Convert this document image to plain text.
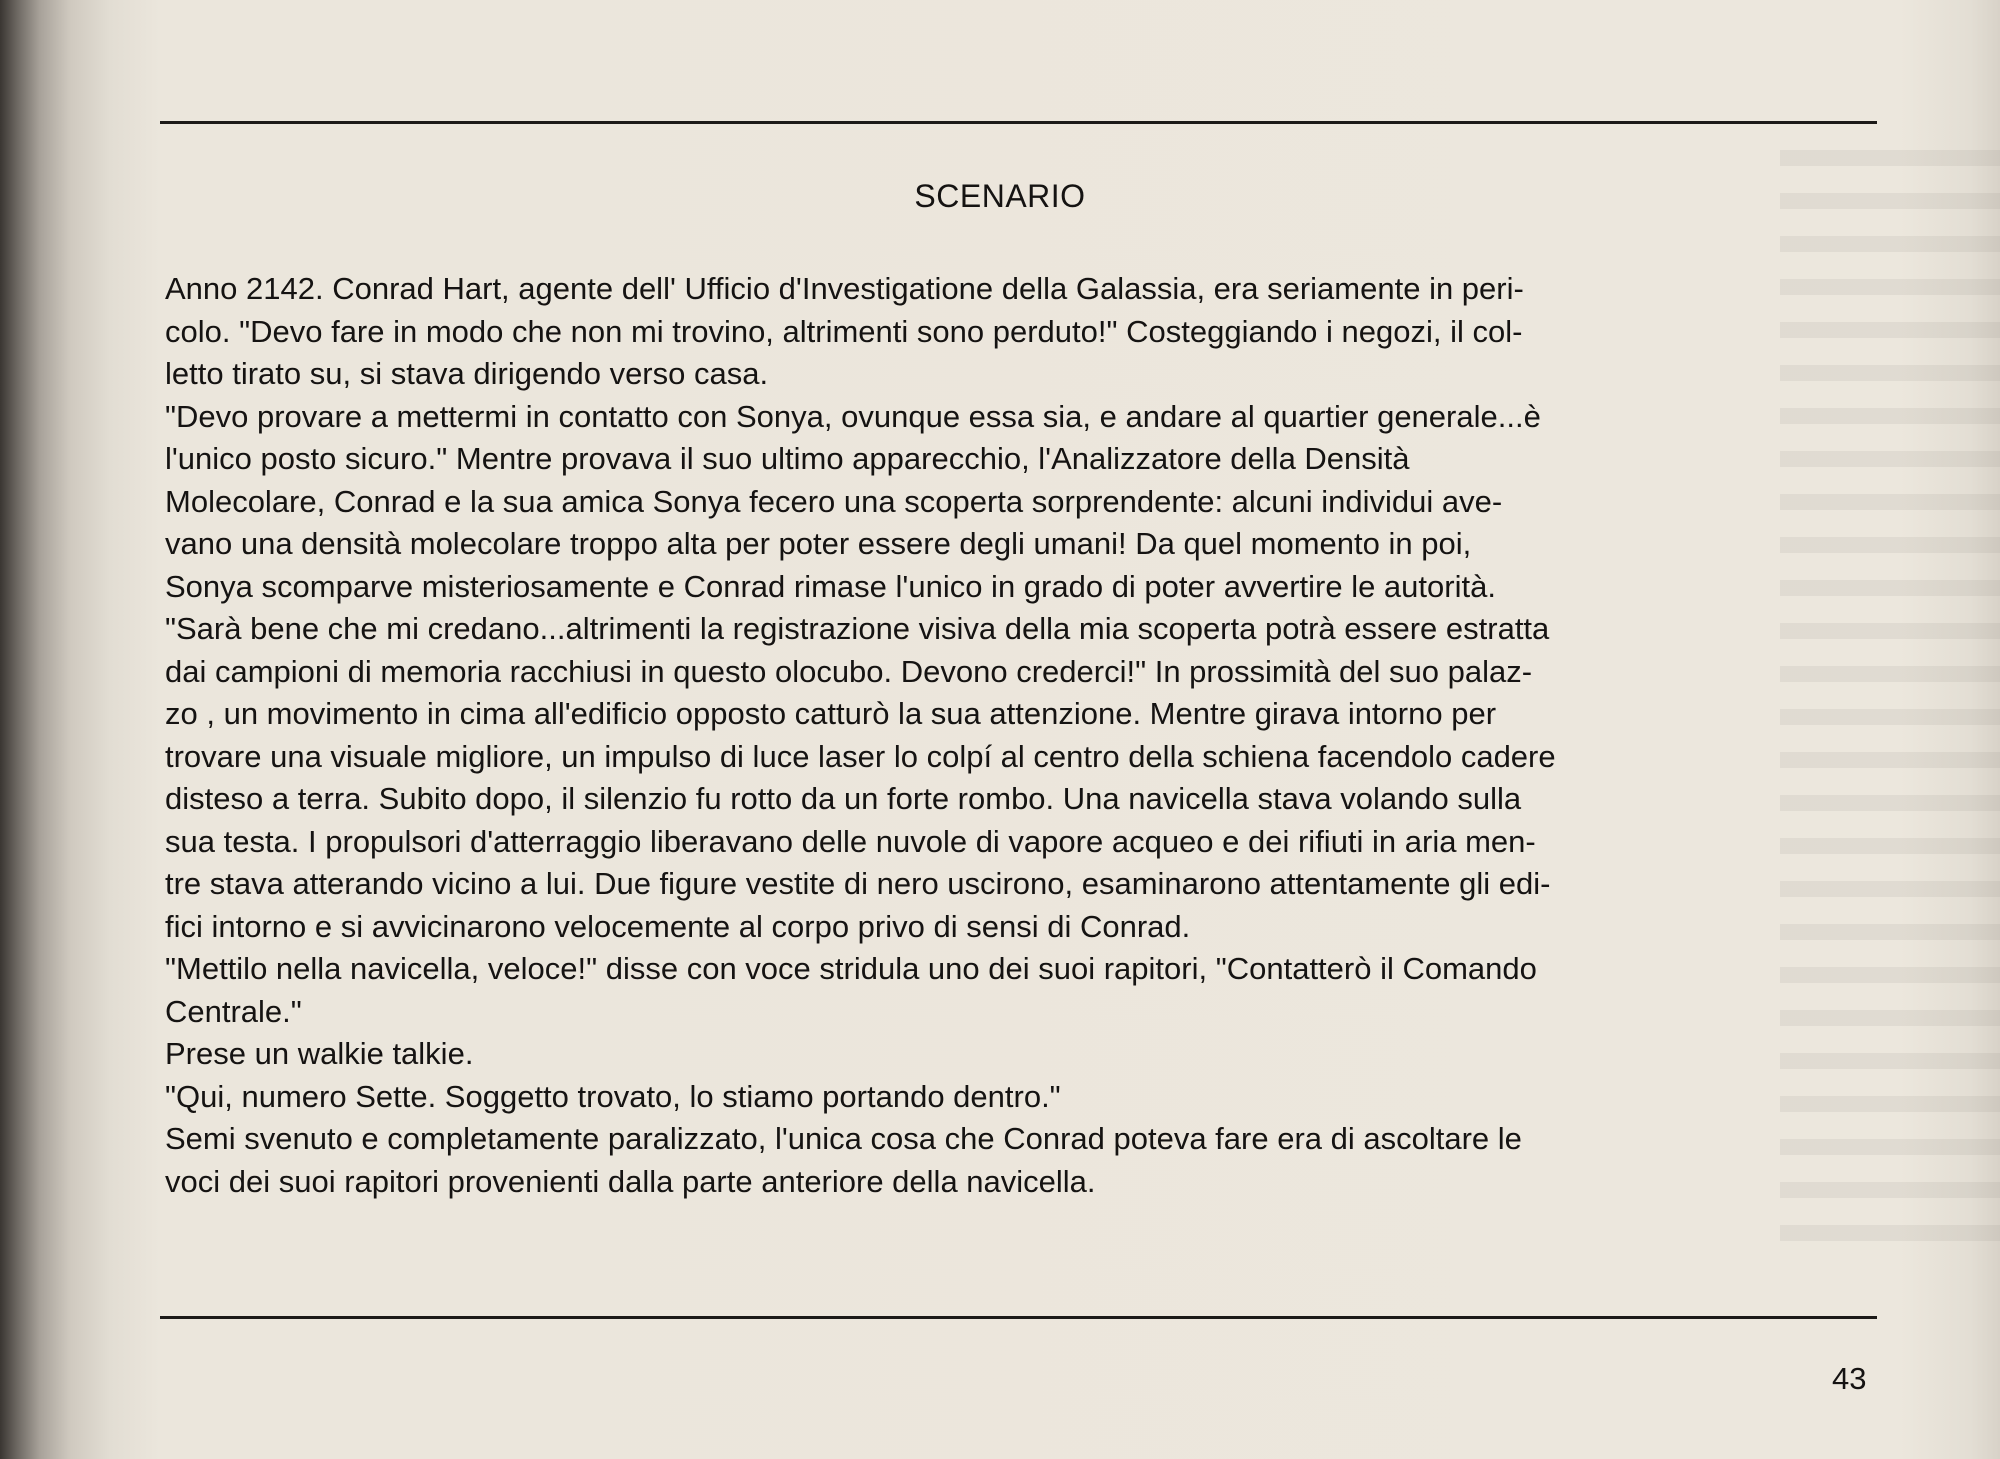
SCENARIO
Anno 2142. Conrad Hart, agente dell' Ufficio d'Investigatione della Galassia, era seriamente in peri-
colo. "Devo fare in modo che non mi trovino, altrimenti sono perduto!" Costeggiando i negozi, il col-
letto tirato su, si stava dirigendo verso casa.
"Devo provare a mettermi in contatto con Sonya, ovunque essa sia, e andare al quartier generale...è
l'unico posto sicuro." Mentre provava il suo ultimo apparecchio, l'Analizzatore della Densità
Molecolare, Conrad e la sua amica Sonya fecero una scoperta sorprendente: alcuni individui ave-
vano una densità molecolare troppo alta per poter essere degli umani! Da quel momento in poi,
Sonya scomparve misteriosamente e Conrad rimase l'unico in grado di poter avvertire le autorità.
"Sarà bene che mi credano...altrimenti la registrazione visiva della mia scoperta potrà essere estratta
dai campioni di memoria racchiusi in questo olocubo. Devono crederci!" In prossimità del suo palaz-
zo , un movimento in cima all'edificio opposto catturò la sua attenzione. Mentre girava intorno per
trovare una visuale migliore, un impulso di luce laser lo colpí al centro della schiena facendolo cadere
disteso a terra. Subito dopo, il silenzio fu rotto da un forte rombo. Una navicella stava volando sulla
sua testa. I propulsori d'atterraggio liberavano delle nuvole di vapore acqueo e dei rifiuti in aria men-
tre stava atterando vicino a lui. Due figure vestite di nero uscirono, esaminarono attentamente gli edi-
fici intorno e si avvicinarono velocemente al corpo privo di sensi di Conrad.
"Mettilo nella navicella, veloce!" disse con voce stridula uno dei suoi rapitori, "Contatterò il Comando
Centrale."
Prese un walkie talkie.
"Qui, numero Sette. Soggetto trovato, lo stiamo portando dentro."
Semi svenuto e completamente paralizzato, l'unica cosa che Conrad poteva fare era di ascoltare le
voci dei suoi rapitori provenienti dalla parte anteriore della navicella.
43
